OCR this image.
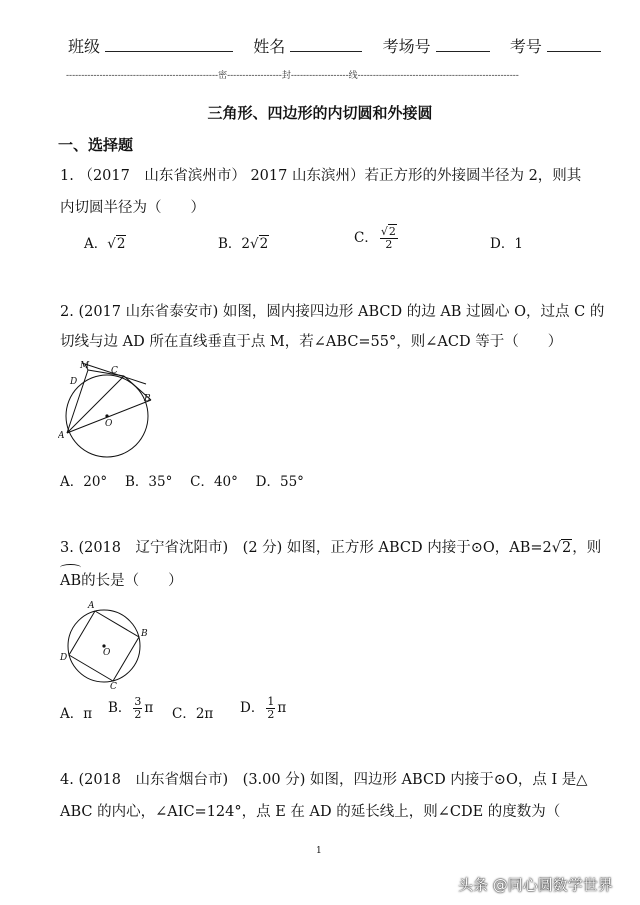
班级	姓名	考场号	考号
--------------------------------------------------密------------------封-------------------线-----------------------------------------------------
三角形、四边形的内切圆和外接圆
一、选择题
1. （2017　山东省滨州市） 2017 山东滨州）若正方形的外接圆半径为 2，则其
内切圆半径为（　　）
A．√2	B．2√2	C． $\frac{√2}{2}$	D．1
2. (2017 山东省泰安市) 如图，圆内接四边形 ABCD 的边 AB 过圆心 O，过点 C 的
切线与边 AD 所在直线垂直于点 M，若∠ABC=55°，则∠ACD 等于（　　）
M
D
C
B
A
O
A．20°　 B．35°　 C．40°　 D．55°
3. (2018　辽宁省沈阳市)　(2 分) 如图，正方形 ABCD 内接于⊙O，AB=2√2，则
AB的长是（　　）
A
B
C
D	O
A．π B． $\frac{3}{2}$ π C．2π D． $\frac{1}{2}$ π
4. (2018　山东省烟台市)　(3.00 分) 如图，四边形 ABCD 内接于⊙O，点 I 是△
ABC 的内心，∠AIC=124°，点 E 在 AD 的延长线上，则∠CDE 的度数为（
1
头条 @同心圆数学世界
